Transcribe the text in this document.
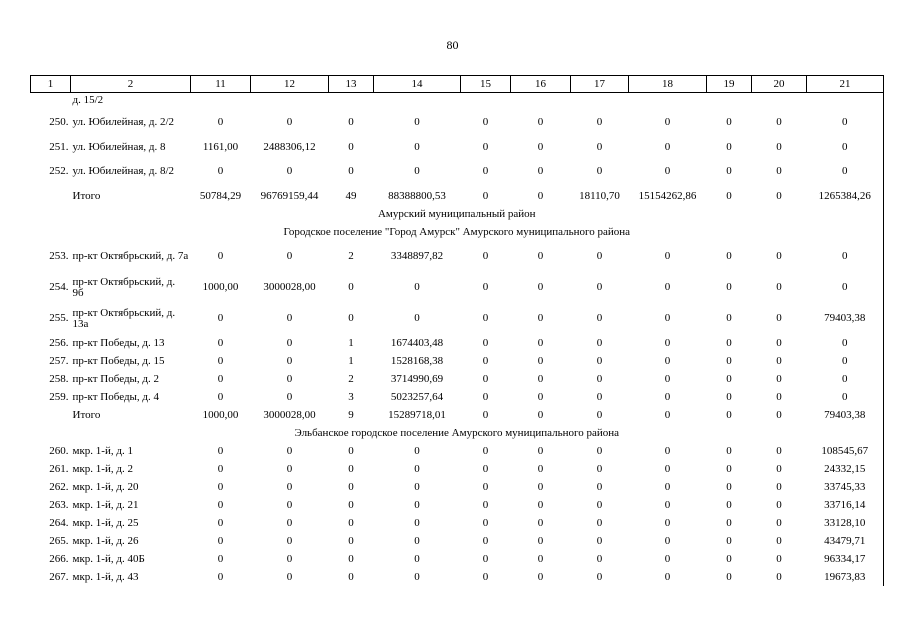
80
1	2	11	12	13	14	15	16	17	18	19	20	21
	д. 15/2											
250.	ул. Юбилейная, д. 2/2	0	0	0	0	0	0	0	0	0	0	0
251.	ул. Юбилейная, д. 8	1161,00	2488306,12	0	0	0	0	0	0	0	0	0
252.	ул. Юбилейная, д. 8/2	0	0	0	0	0	0	0	0	0	0	0
	Итого	50784,29	96769159,44	49	88388800,53	0	0	18110,70	15154262,86	0	0	1265384,26
Амурский муниципальный район												
Городское поселение "Город Амурск" Амурского муниципального района												
253.	пр-кт Октябрьский, д. 7а	0	0	2	3348897,82	0	0	0	0	0	0	0
254.	пр-кт Октябрьский, д. 9б	1000,00	3000028,00	0	0	0	0	0	0	0	0	0
255.	пр-кт Октябрьский, д. 13а	0	0	0	0	0	0	0	0	0	0	79403,38
256.	пр-кт Победы, д. 13	0	0	1	1674403,48	0	0	0	0	0	0	0
257.	пр-кт Победы, д. 15	0	0	1	1528168,38	0	0	0	0	0	0	0
258.	пр-кт Победы, д. 2	0	0	2	3714990,69	0	0	0	0	0	0	0
259.	пр-кт Победы, д. 4	0	0	3	5023257,64	0	0	0	0	0	0	0
	Итого	1000,00	3000028,00	9	15289718,01	0	0	0	0	0	0	79403,38
Эльбанское городское поселение Амурского муниципального района												
260.	мкр. 1-й, д. 1	0	0	0	0	0	0	0	0	0	0	108545,67
261.	мкр. 1-й, д. 2	0	0	0	0	0	0	0	0	0	0	24332,15
262.	мкр. 1-й, д. 20	0	0	0	0	0	0	0	0	0	0	33745,33
263.	мкр. 1-й, д. 21	0	0	0	0	0	0	0	0	0	0	33716,14
264.	мкр. 1-й, д. 25	0	0	0	0	0	0	0	0	0	0	33128,10
265.	мкр. 1-й, д. 26	0	0	0	0	0	0	0	0	0	0	43479,71
266.	мкр. 1-й, д. 40Б	0	0	0	0	0	0	0	0	0	0	96334,17
267.	мкр. 1-й, д. 43	0	0	0	0	0	0	0	0	0	0	19673,83
